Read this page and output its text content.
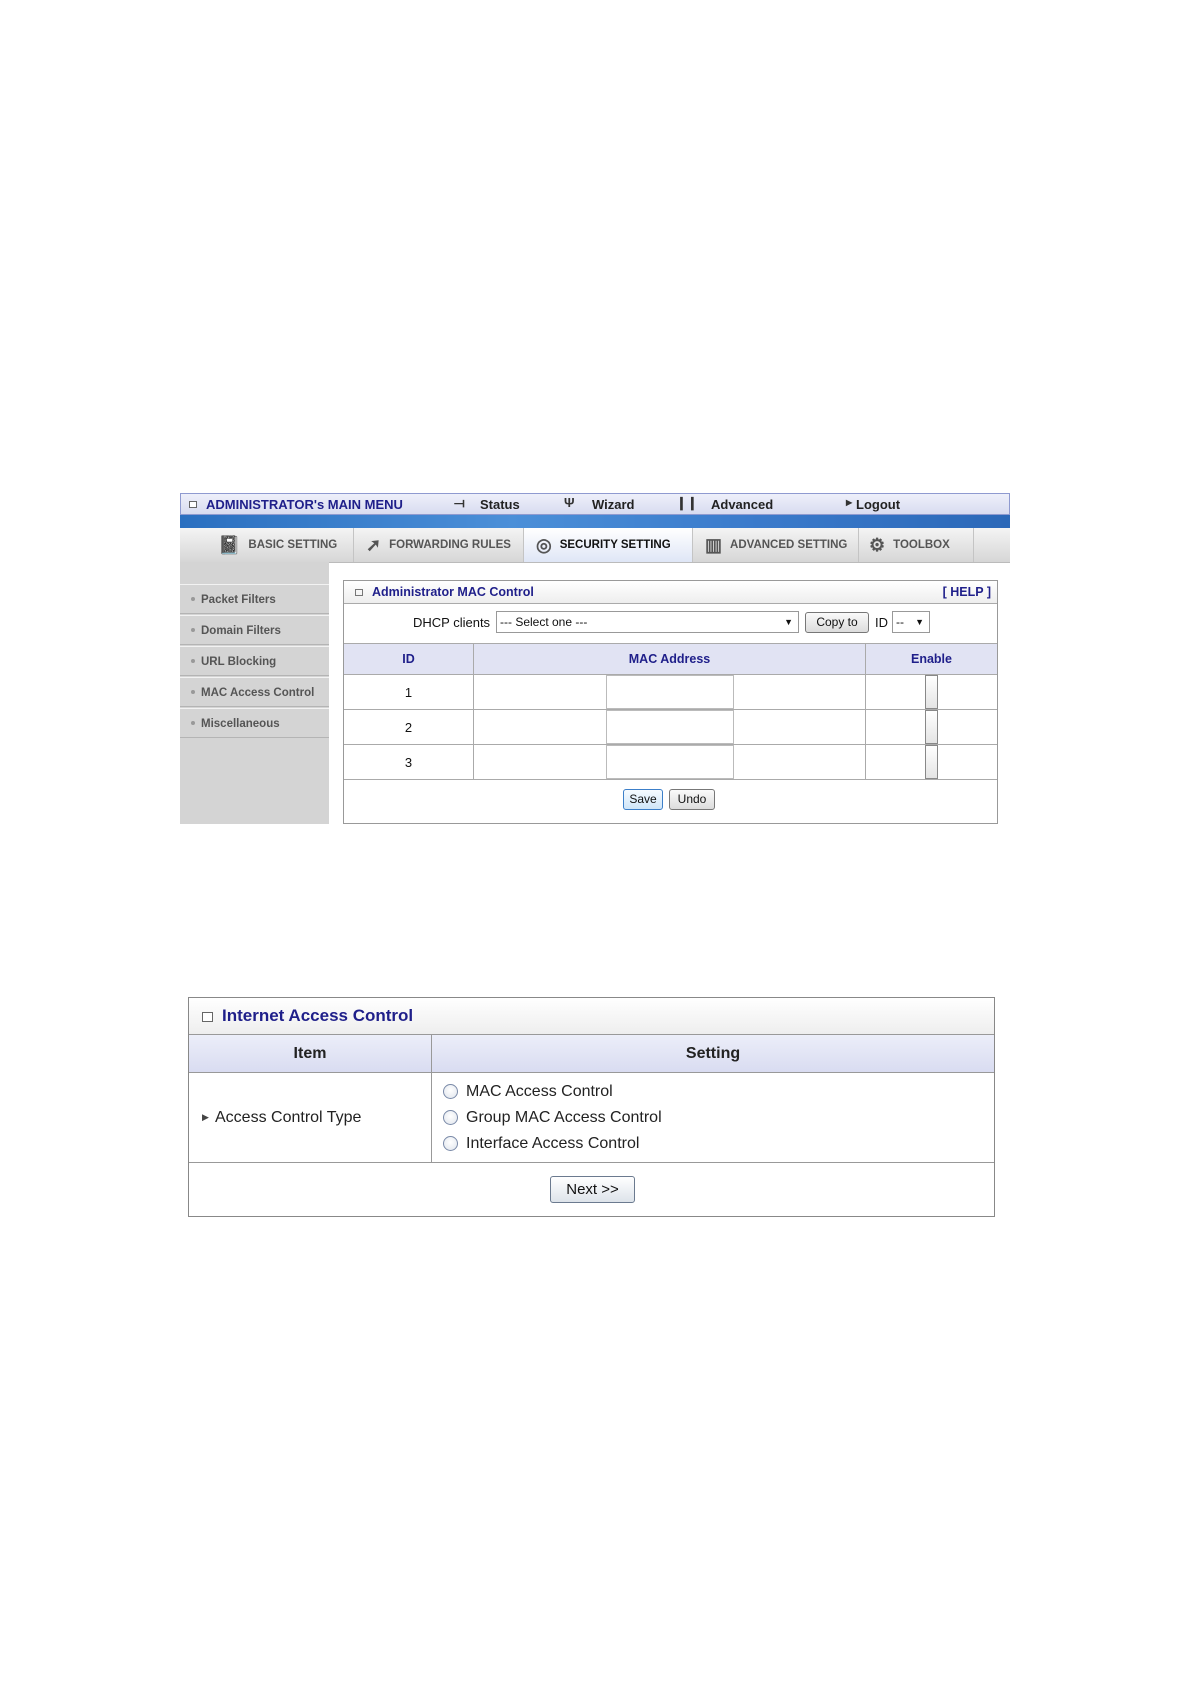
ADMINISTRATOR's MAIN MENU	⟞ Status	Ψ Wizard	❙❙ Advanced	▶ Logout
📓 BASIC SETTING ➚ FORWARDING RULES ◎ SECURITY SETTING ▥ ADVANCED SETTING ⚙ TOOLBOX
Packet Filters
Domain Filters
URL Blocking
MAC Access Control
Miscellaneous
Administrator MAC Control	[ HELP ]
DHCP clients --- Select one ---	▼	Copy to	ID -- ▼
ID	MAC Address	Enable
1
2
3
Save	Undo
Internet Access Control
Item	Setting
▶ Access Control Type
MAC Access Control
Group MAC Access Control
Interface Access Control
Next >>
